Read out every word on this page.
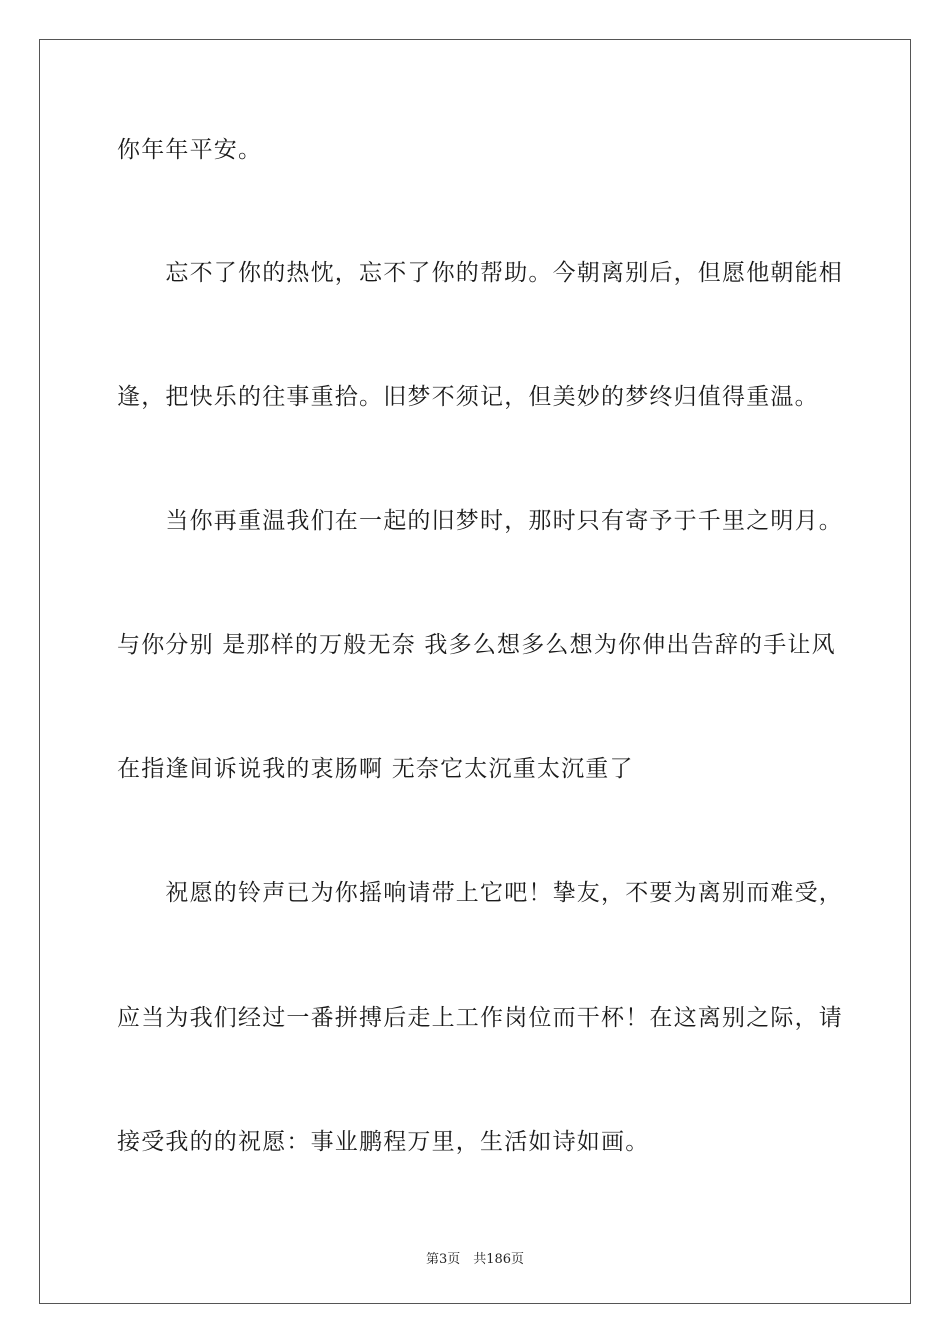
你年年平安。
　　忘不了你的热忱，忘不了你的帮助。今朝离别后，但愿他朝能相
逢，把快乐的往事重拾。旧梦不须记，但美妙的梦终归值得重温。
　　当你再重温我们在一起的旧梦时，那时只有寄予于千里之明月。
与你分别 是那样的万般无奈 我多么想多么想为你伸出告辞的手让风
在指逢间诉说我的衷肠啊 无奈它太沉重太沉重了
　　祝愿的铃声已为你摇响请带上它吧！挚友，不要为离别而难受，
应当为我们经过一番拼搏后走上工作岗位而干杯！在这离别之际，请
接受我的的祝愿：事业鹏程万里，生活如诗如画。
第3页　共186页
